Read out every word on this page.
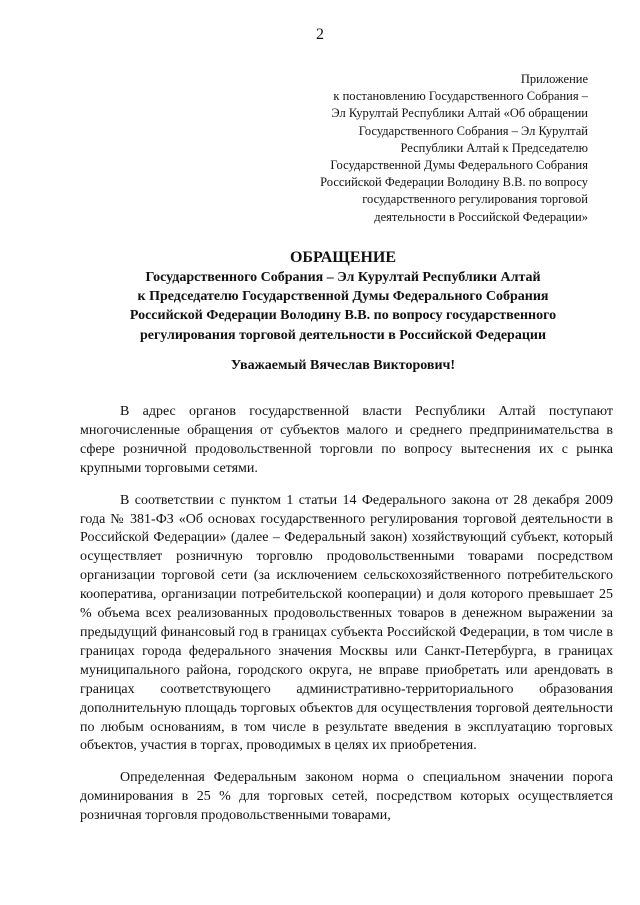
2
Приложение
к постановлению Государственного Собрания –
Эл Курултай Республики Алтай «Об обращении
Государственного Собрания – Эл Курултай
Республики Алтай к Председателю
Государственной Думы Федерального Собрания
Российской Федерации Володину В.В. по вопросу
государственного регулирования торговой
деятельности в Российской Федерации»
ОБРАЩЕНИЕ
Государственного Собрания – Эл Курултай Республики Алтай
к Председателю Государственной Думы Федерального Собрания
Российской Федерации Володину В.В. по вопросу государственного
регулирования торговой деятельности в Российской Федерации
Уважаемый Вячеслав Викторович!

В адрес органов государственной власти Республики Алтай поступают многочисленные обращения от субъектов малого и среднего предпринимательства в сфере розничной продовольственной торговли по вопросу вытеснения их с рынка крупными торговыми сетями.

В соответствии с пунктом 1 статьи 14 Федерального закона от 28 декабря 2009 года № 381-ФЗ «Об основах государственного регулирования торговой деятельности в Российской Федерации» (далее – Федеральный закон) хозяйствующий субъект, который осуществляет розничную торговлю продовольственными товарами посредством организации торговой сети (за исключением сельскохозяйственного потребительского кооператива, организации потребительской кооперации) и доля которого превышает 25 % объема всех реализованных продовольственных товаров в денежном выражении за предыдущий финансовый год в границах субъекта Российской Федерации, в том числе в границах города федерального значения Москвы или Санкт-Петербурга, в границах муниципального района, городского округа, не вправе приобретать или арендовать в границах соответствующего административно-территориального образования дополнительную площадь торговых объектов для осуществления торговой деятельности по любым основаниям, в том числе в результате введения в эксплуатацию торговых объектов, участия в торгах, проводимых в целях их приобретения.

Определенная Федеральным законом норма о специальном значении порога доминирования в 25 % для торговых сетей, посредством которых осуществляется розничная торговля продовольственными товарами,
